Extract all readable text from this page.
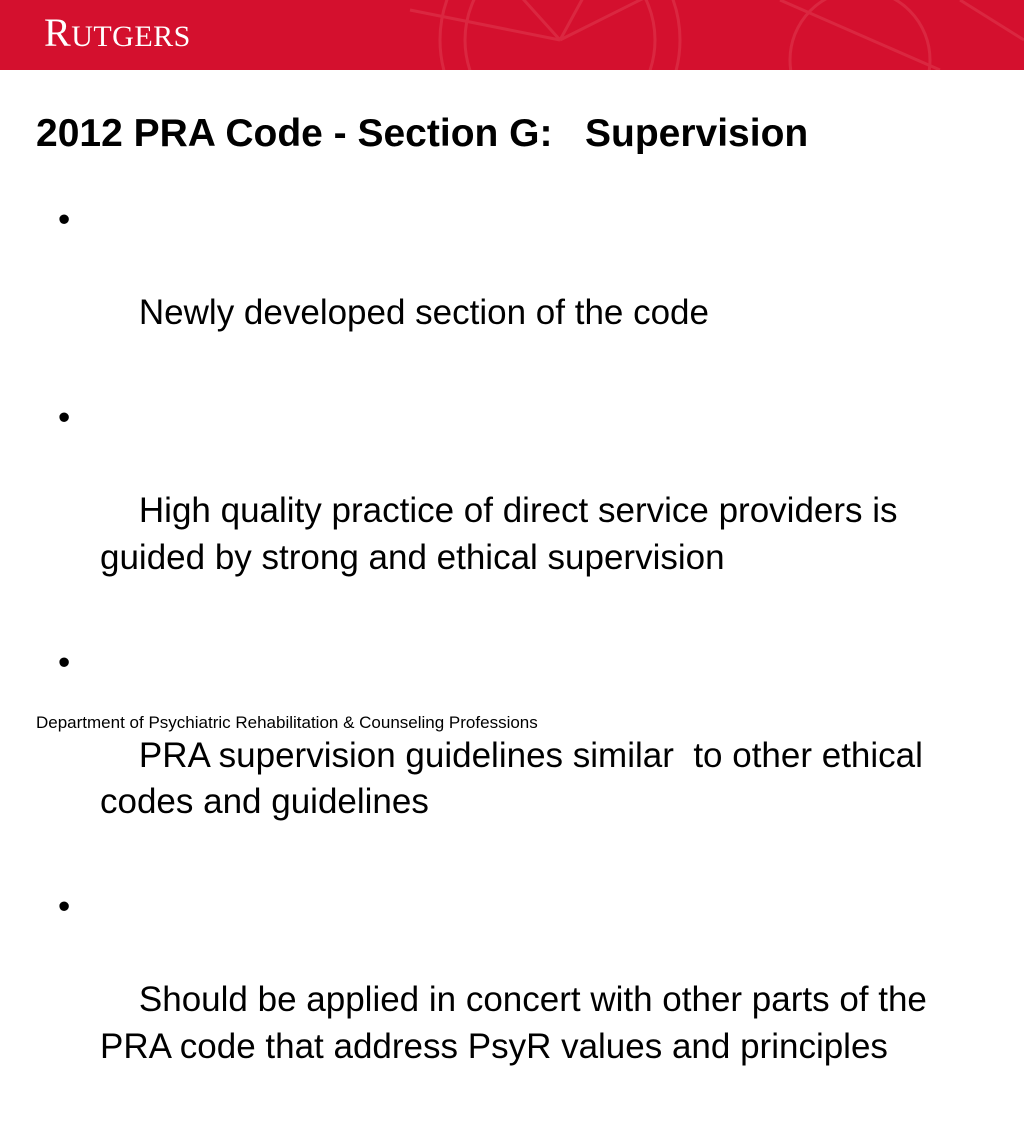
RUTGERS
2012 PRA Code - Section G:   Supervision

•

Newly developed section of the code

•

High quality practice of direct service providers is guided by strong and ethical supervision

•

PRA supervision guidelines similar  to other ethical codes and guidelines

•

Should be applied in concert with other parts of the PRA code that address PsyR values and principles

Department of Psychiatric Rehabilitation & Counseling Professions
